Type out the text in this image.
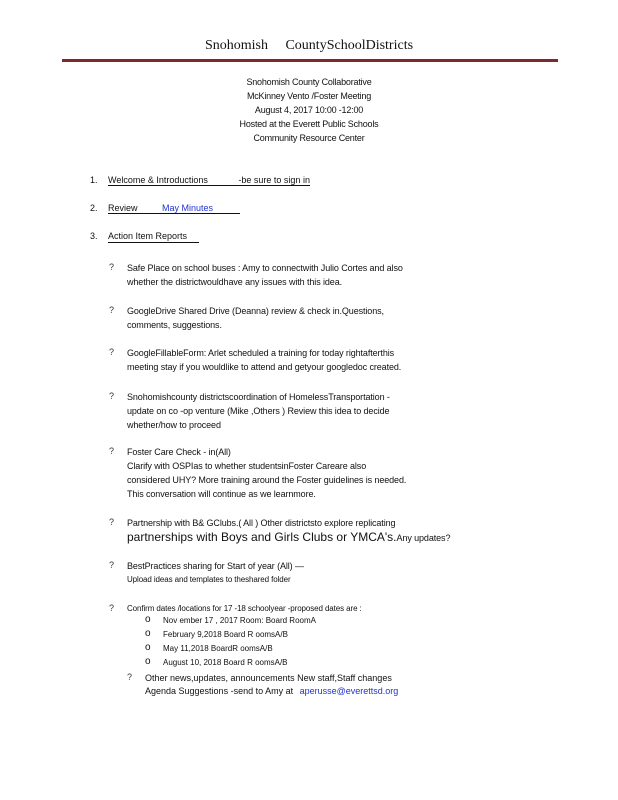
Snohomish CountySchoolDistricts
Snohomish County Collaborative
McKinney Vento /Foster Meeting
August 4, 2017 10:00 -12:00
Hosted at the Everett Public Schools
Community Resource Center
1. Welcome & Introductions	-be sure to sign in
2. Review	May Minutes
3. Action Item Reports
? Safe Place on school buses : Amy to connectwith Julio Cortes and also
whether the districtwouldhave any issues with this idea.
? GoogleDrive Shared Drive (Deanna) review & check in.Questions,
comments, suggestions.
? GoogleFillableForm: Arlet scheduled a training for today rightafterthis
meeting stay if you wouldlike to attend and getyour googledoc created.
? Snohomishcounty districtscoordination of HomelessTransportation -
update on co -op venture (Mike ,Others ) Review this idea to decide
whether/how to proceed
? Foster Care Check - in(All)
Clarify with OSPIas to whether studentsinFoster Careare also
considered UHY? More training around the Foster guidelines is needed.
This conversation will continue as we learnmore.
? Partnership with B& GClubs.( All ) Other districtsto explore replicating
partnerships with Boys and Girls Clubs or YMCA's.Any updates?
? BestPractices sharing for Start of year (All) —
Upload ideas and templates to theshared folder
? Confirm dates /locations for 17 -18 schoolyear -proposed dates are :
o Nov ember 17 , 2017 Room: Board RoomA
o February 9,2018 Board R oomsA/B
o May 11,2018 BoardR oomsA/B
o August 10, 2018 Board R oomsA/B
? Other news,updates, announcements New staff,Staff changes
Agenda Suggestions -send to Amy at aperusse@everettsd.org
